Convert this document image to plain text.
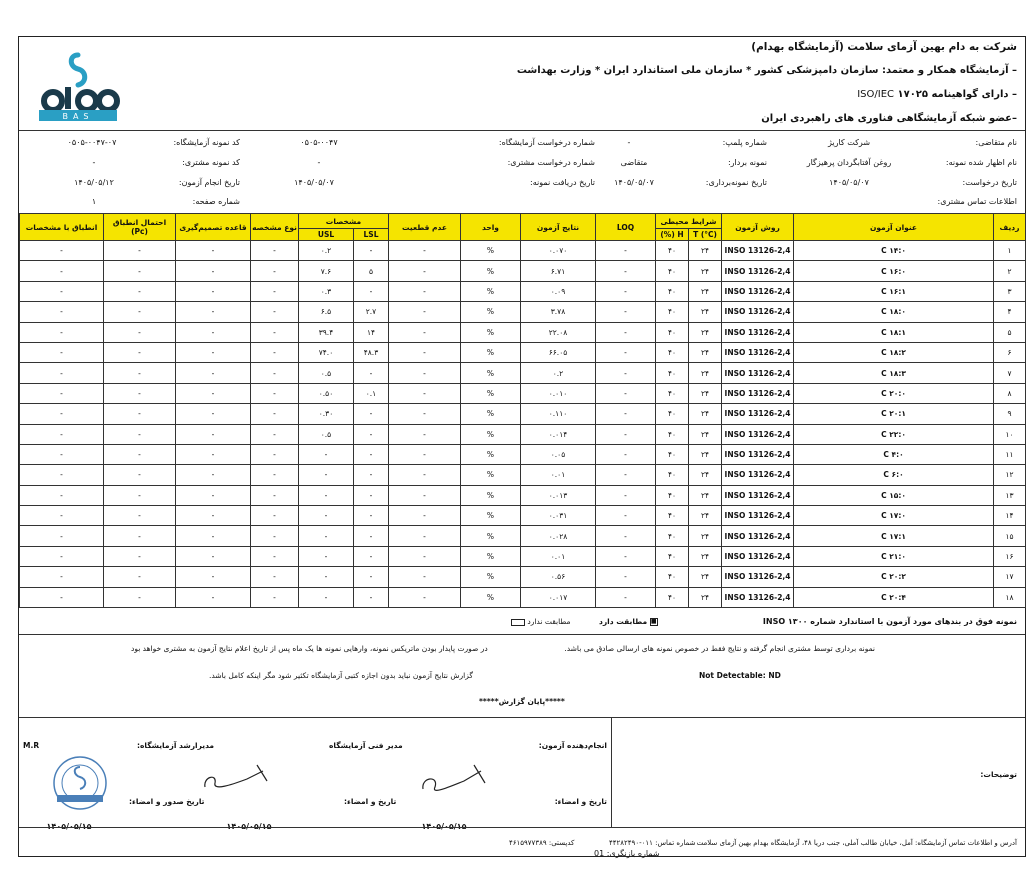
شرکت به دام بهین آزمای سلامت (آزمایشگاه بهدام)
– آزمایشگاه همکار و معتمد: سازمان دامپزشکی کشور * سازمان ملی استاندارد ایران * وزارت بهداشت
ISO/IEC – دارای گواهینامه ۱۷۰۲۵
–عضو شبکه آزمایشگاهی فناوری های راهبردی ایران
BAS
نام متقاضی:
شرکت کاریژ
نام اظهار شده نمونه:
روغن آفتابگردان پرهیزگار
تاریخ درخواست:
۱۴۰۵/۰۵/۰۷
اطلاعات تماس مشتری:
شماره پلمپ:
-
نمونه بردار:
متقاضی
تاریخ نمونه‌برداری:
۱۴۰۵/۰۵/۰۷
شماره درخواست آزمایشگاه:
۰۵۰۵-۰۰۴۷
شماره درخواست مشتری:
-
تاریخ دریافت نمونه:
۱۴۰۵/۰۵/۰۷
کد نمونه آزمایشگاه:
۰۵۰۵-۰۰۴۷-۰۷
کد نمونه مشتری:
-
تاریخ انجام آزمون:
۱۴۰۵/۰۵/۱۲
شماره صفحه:
۱
ردیف	عنوان آزمون	روش آزمون	شرایط محیطی		LOQ	نتایج آزمون	واحد	عدم قطعیت	مشخصات		نوع مشخصه	قاعده تصمیم‌گیری	احتمال انطباق
(Pc)	انطباق با مشخصات
			T (°C)	H (%)					LSL	USL				
۱	C ۱۴:۰	INSO 13126-2,4	۲۴	۴۰	-	۰.۰۷۰	%	-	-	۰.۲	-	-	-	-
۲	C ۱۶:۰	INSO 13126-2,4	۲۴	۴۰	-	۶.۷۱	%	-	۵	۷.۶	-	-	-	-
۳	C ۱۶:۱	INSO 13126-2,4	۲۴	۴۰	-	۰.۰۹	%	-	-	۰.۳	-	-	-	-
۴	C ۱۸:۰	INSO 13126-2,4	۲۴	۴۰	-	۳.۷۸	%	-	۲.۷	۶.۵	-	-	-	-
۵	C ۱۸:۱	INSO 13126-2,4	۲۴	۴۰	-	۲۲.۰۸	%	-	۱۴	۳۹.۴	-	-	-	-
۶	C ۱۸:۲	INSO 13126-2,4	۲۴	۴۰	-	۶۶.۰۵	%	-	۴۸.۳	۷۴.۰	-	-	-	-
۷	C ۱۸:۳	INSO 13126-2,4	۲۴	۴۰	-	۰.۲	%	-	-	۰.۵	-	-	-	-
۸	C ۲۰:۰	INSO 13126-2,4	۲۴	۴۰	-	۰.۰۱۰	%	-	۰.۱	۰.۵۰	-	-	-	-
۹	C ۲۰:۱	INSO 13126-2,4	۲۴	۴۰	-	۰.۱۱۰	%	-	-	۰.۳۰	-	-	-	-
۱۰	C ۲۲:۰	INSO 13126-2,4	۲۴	۴۰	-	۰.۰۱۴	%	-	-	۰.۵	-	-	-	-
۱۱	C ۴:۰	INSO 13126-2,4	۲۴	۴۰	-	۰.۰۵	%	-	-	-	-	-	-	-
۱۲	C ۶:۰	INSO 13126-2,4	۲۴	۴۰	-	۰.۰۱	%	-	-	-	-	-	-	-
۱۳	C ۱۵:۰	INSO 13126-2,4	۲۴	۴۰	-	۰.۰۱۳	%	-	-	-	-	-	-	-
۱۴	C ۱۷:۰	INSO 13126-2,4	۲۴	۴۰	-	۰.۰۳۱	%	-	-	-	-	-	-	-
۱۵	C ۱۷:۱	INSO 13126-2,4	۲۴	۴۰	-	۰.۰۲۸	%	-	-	-	-	-	-	-
۱۶	C ۲۱:۰	INSO 13126-2,4	۲۴	۴۰	-	۰.۰۱	%	-	-	-	-	-	-	-
۱۷	C ۲۰:۲	INSO 13126-2,4	۲۴	۴۰	-	۰.۵۶	%	-	-	-	-	-	-	-
۱۸	C ۲۰:۴	INSO 13126-2,4	۲۴	۴۰	-	۰.۰۱۷	%	-	-	-	-	-	-	-
نمونه فوق در بندهای مورد آزمون با استاندارد شماره ۱۳۰۰ INSO
■ مطابقت دارد
مطابقت ندارد
نمونه برداری توسط مشتری انجام گرفته و نتایج فقط در خصوص نمونه های ارسالی صادق می باشد.
در صورت پایدار بودن ماتریکس نمونه، وارهایی نمونه ها یک ماه پس از تاریخ اعلام نتایج آزمون به مشتری خواهد بود
Not Detectable: ND
گزارش نتایج آزمون نباید بدون اجازه کتبی آزمایشگاه تکثیر شود مگر اینکه کامل باشد.
*****پایان گزارش*****
توضیحات:
انجام‌دهنده آزمون:
تاریخ و امضاء:
مدیر فنی آزمایشگاه
تاریخ و امضاء:
مدیرارشد آزمایشگاه:
تاریخ صدور و امضاء:
M.R
۱۴۰۵/۰۵/۱۵
۱۴۰۵/۰۵/۱۵
۱۴۰۵/۰۵/۱۵
آدرس و اطلاعات تماس آزمایشگاه: آمل، خیابان طالب آملی، جنب دریا ۴۸، آزمایشگاه بهدام بهین آزمای سلامت
شماره تماس: ۰۱۱-۴۴۲۸۲۴۹۰
کدپستی: ۴۶۱۵۹۷۷۳۸۹
شماره بازنگری: 01
